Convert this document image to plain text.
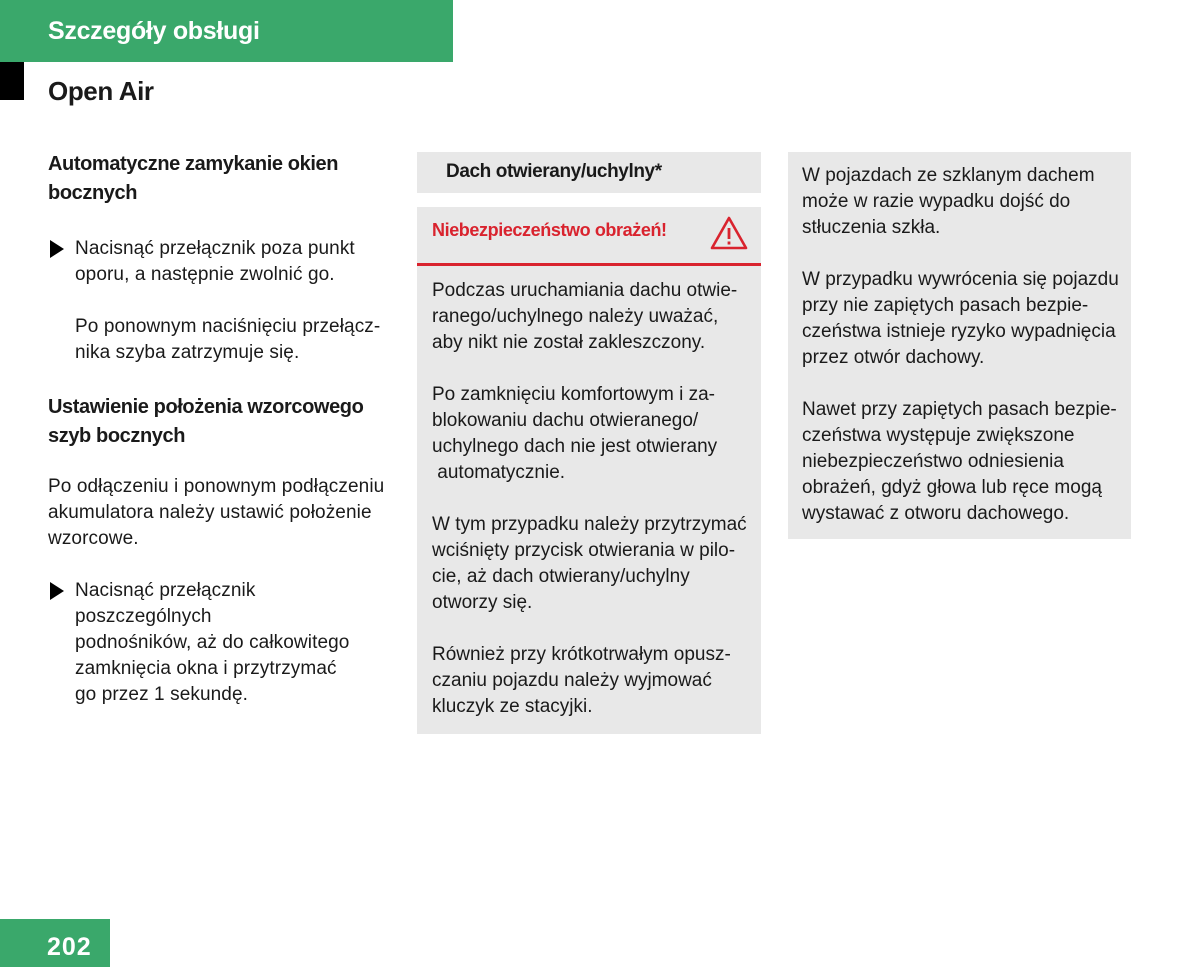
Szczegóły obsługi
Open Air
Automatyczne zamykanie okien
bocznych

Nacisnąć przełącznik poza punkt
oporu, a następnie zwolnić go.

Po ponownym naciśnięciu przełącz-
nika szyba zatrzymuje się.

Ustawienie położenia wzorcowego
szyb bocznych

Po odłączeniu i ponownym podłączeniu
akumulatora należy ustawić położenie
wzorcowe.

Nacisnąć przełącznik poszczególnych
podnośników, aż do całkowitego
zamknięcia okna i przytrzymać
go przez 1 sekundę.

Dach otwierany/uchylny*
Niebezpieczeństwo obrażeń!

Podczas uruchamiania dachu otwie-
ranego/uchylnego należy uważać,
aby nikt nie został zakleszczony.

Po zamknięciu komfortowym i za-
blokowaniu dachu otwieranego/
uchylnego dach nie jest otwierany
automatycznie.

W tym przypadku należy przytrzymać
wciśnięty przycisk otwierania w pilo-
cie, aż dach otwierany/uchylny
otworzy się.

Również przy krótkotrwałym opusz-
czaniu pojazdu należy wyjmować
kluczyk ze stacyjki.

W pojazdach ze szklanym dachem
może w razie wypadku dojść do
stłuczenia szkła.

W przypadku wywrócenia się pojazdu
przy nie zapiętych pasach bezpie-
czeństwa istnieje ryzyko wypadnięcia
przez otwór dachowy.

Nawet przy zapiętych pasach bezpie-
czeństwa występuje zwiększone
niebezpieczeństwo odniesienia
obrażeń, gdyż głowa lub ręce mogą
wystawać z otworu dachowego.

202
